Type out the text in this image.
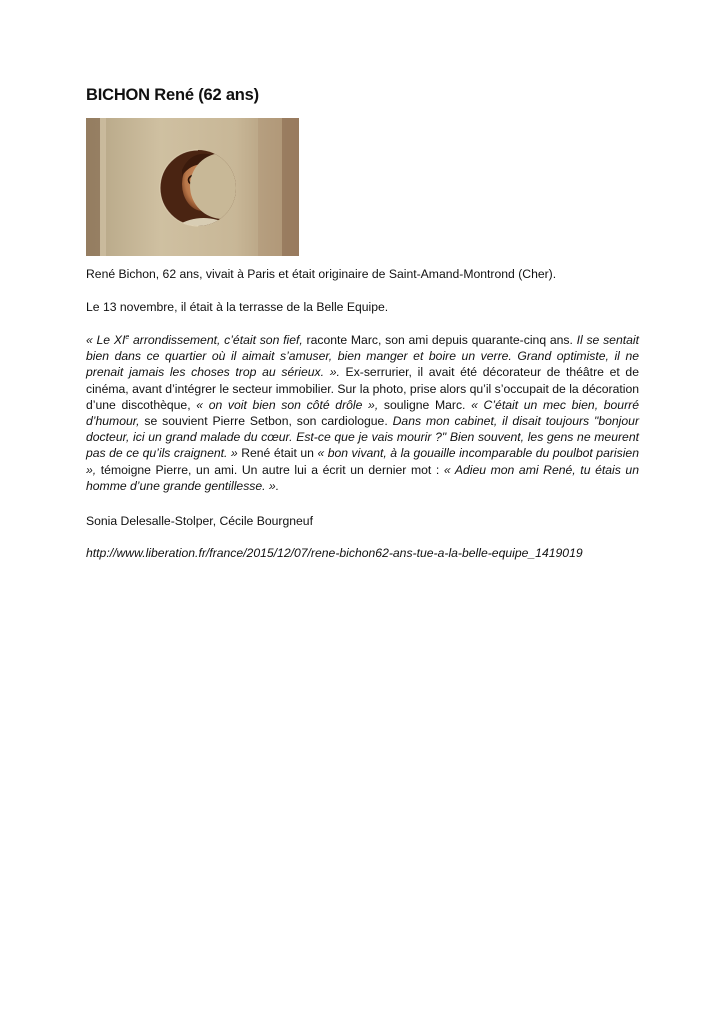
BICHON René (62 ans)

René Bichon, 62 ans, vivait à Paris et était originaire de Saint-Amand-Montrond (Cher).

Le 13 novembre, il était à la terrasse de la Belle Equipe.

« Le XIe arrondissement, c’était son fief, raconte Marc, son ami depuis quarante-cinq ans. Il se sentait bien dans ce quartier où il aimait s’amuser, bien manger et boire un verre. Grand optimiste, il ne prenait jamais les choses trop au sérieux. ». Ex-serrurier, il avait été décorateur de théâtre et de cinéma, avant d’intégrer le secteur immobilier. Sur la photo, prise alors qu’il s’occupait de la décoration d’une discothèque, « on voit bien son côté drôle », souligne Marc. « C’était un mec bien, bourré d’humour, se souvient Pierre Setbon, son cardiologue. Dans mon cabinet, il disait toujours "bonjour docteur, ici un grand malade du cœur. Est-ce que je vais mourir ?" Bien souvent, les gens ne meurent pas de ce qu’ils craignent. » René était un « bon vivant, à la gouaille incomparable du poulbot parisien », témoigne Pierre, un ami. Un autre lui a écrit un dernier mot : « Adieu mon ami René, tu étais un homme d’une grande gentillesse. ».

Sonia Delesalle-Stolper, Cécile Bourgneuf

http://www.liberation.fr/france/2015/12/07/rene-bichon62-ans-tue-a-la-belle-equipe_1419019
